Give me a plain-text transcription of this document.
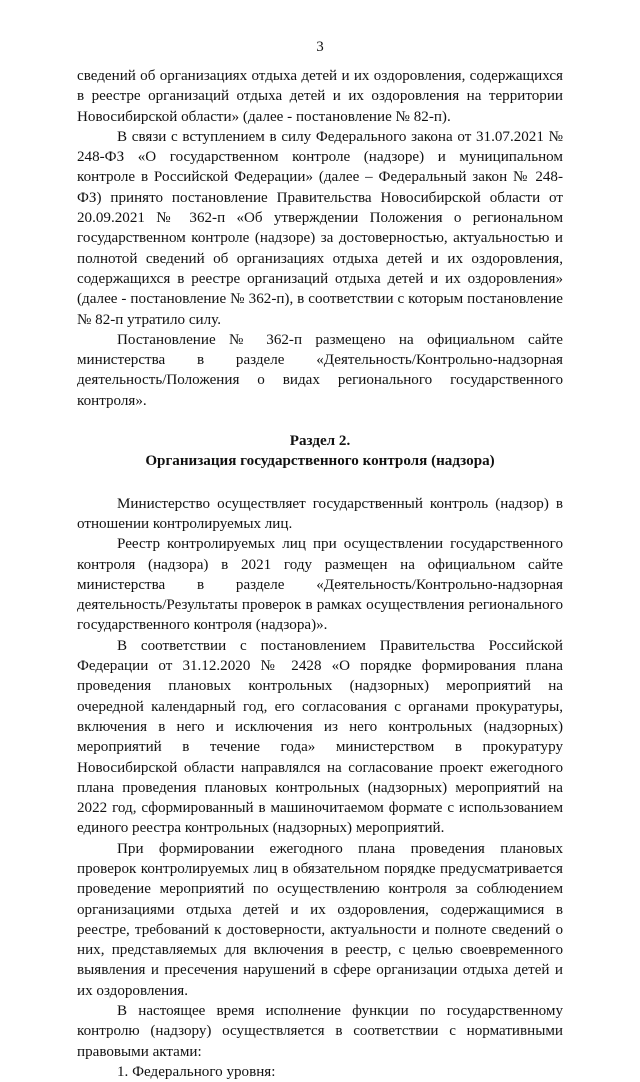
3

сведений об организациях отдыха детей и их оздоровления, содержащихся в реестре организаций отдыха детей и их оздоровления на территории Новосибирской области» (далее - постановление № 82-п).

В связи с вступлением в силу Федерального закона от 31.07.2021 № 248-ФЗ «О государственном контроле (надзоре) и муниципальном контроле в Российской Федерации» (далее – Федеральный закон № 248-ФЗ) принято постановление Правительства Новосибирской области от 20.09.2021 № 362-п «Об утверждении Положения о региональном государственном контроле (надзоре) за достоверностью, актуальностью и полнотой сведений об организациях отдыха детей и их оздоровления, содержащихся в реестре организаций отдыха детей и их оздоровления» (далее - постановление № 362-п), в соответствии с которым постановление № 82-п утратило силу.

Постановление № 362-п размещено на официальном сайте министерства в разделе «Деятельность/Контрольно-надзорная деятельность/Положения о видах регионального государственного контроля».

Раздел 2.

Организация государственного контроля (надзора)

Министерство осуществляет государственный контроль (надзор) в отношении контролируемых лиц.

Реестр контролируемых лиц при осуществлении государственного контроля (надзора) в 2021 году размещен на официальном сайте министерства в разделе «Деятельность/Контрольно-надзорная деятельность/Результаты проверок в рамках осуществления регионального государственного контроля (надзора)».

В соответствии с постановлением Правительства Российской Федерации от 31.12.2020 № 2428 «О порядке формирования плана проведения плановых контрольных (надзорных) мероприятий на очередной календарный год, его согласования с органами прокуратуры, включения в него и исключения из него контрольных (надзорных) мероприятий в течение года» министерством в прокуратуру Новосибирской области направлялся на согласование проект ежегодного плана проведения плановых контрольных (надзорных) мероприятий на 2022 год, сформированный в машиночитаемом формате с использованием единого реестра контрольных (надзорных) мероприятий.

При формировании ежегодного плана проведения плановых проверок контролируемых лиц в обязательном порядке предусматривается проведение мероприятий по осуществлению контроля за соблюдением организациями отдыха детей и их оздоровления, содержащимися в реестре, требований к достоверности, актуальности и полноте сведений о них, представляемых для включения в реестр, с целью своевременного выявления и пресечения нарушений в сфере организации отдыха детей и их оздоровления.

В настоящее время исполнение функции по государственному контролю (надзору) осуществляется в соответствии с нормативными правовыми актами:

1. Федерального уровня:
